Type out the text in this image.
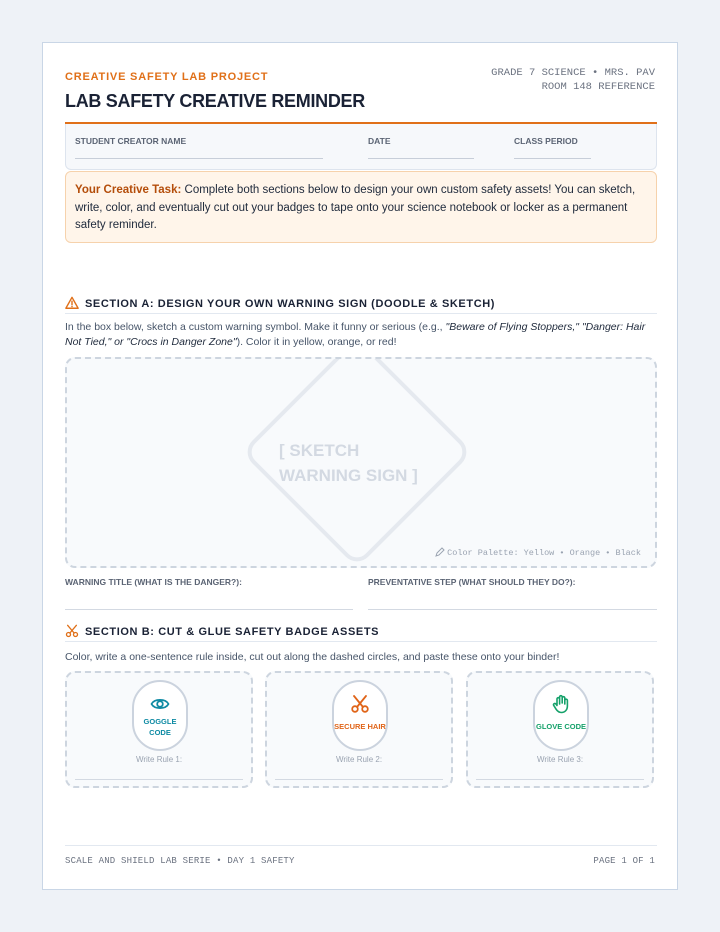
CREATIVE SAFETY LAB PROJECT
LAB SAFETY CREATIVE REMINDER
GRADE 7 SCIENCE • MRS. PAV
ROOM 148 REFERENCE
STUDENT CREATOR NAME	DATE	CLASS PERIOD
Your Creative Task: Complete both sections below to design your own custom safety assets! You can sketch, write, color, and eventually cut out your badges to tape onto your science notebook or locker as a permanent safety reminder.
SECTION A: DESIGN YOUR OWN WARNING SIGN (DOODLE & SKETCH)
In the box below, sketch a custom warning symbol. Make it funny or serious (e.g., "Beware of Flying Stoppers," "Danger: Hair Not Tied," or "Crocs in Danger Zone"). Color it in yellow, orange, or red!
[ SKETCH
WARNING SIGN ]
Color Palette: Yellow • Orange • Black
WARNING TITLE (WHAT IS THE DANGER?):	PREVENTATIVE STEP (WHAT SHOULD THEY DO?):
SECTION B: CUT & GLUE SAFETY BADGE ASSETS
Color, write a one-sentence rule inside, cut out along the dashed circles, and paste these onto your binder!
GOGGLE
CODE
Write Rule 1:
SECURE HAIR
Write Rule 2:
GLOVE CODE
Write Rule 3:
SCALE AND SHIELD LAB SERIE • DAY 1 SAFETY	PAGE 1 OF 1
